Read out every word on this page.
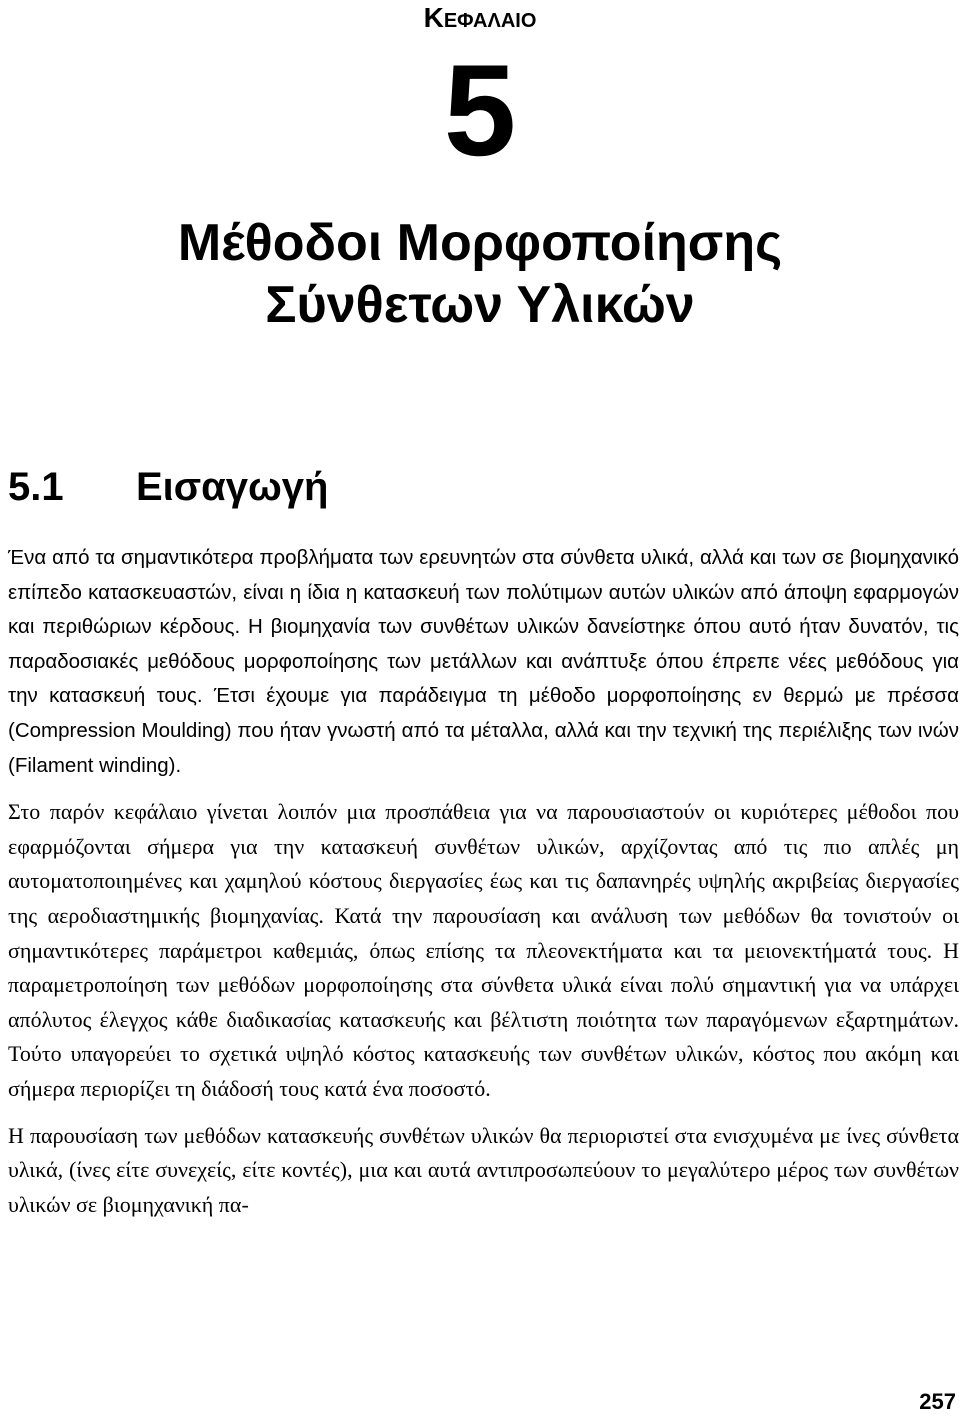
Κεφαλαιο
5
Μέθοδοι Μορφοποίησης
Σύνθετων Υλικών
5.1 Εισαγωγή

Ένα από τα σημαντικότερα προβλήματα των ερευνητών στα σύνθετα υλικά, αλλά και των σε βιομηχανικό επίπεδο κατασκευαστών, είναι η ίδια η κατασκευή των πολύτιμων αυτών υλικών από άποψη εφαρμογών και περιθώριων κέρδους. Η βιομηχανία των συνθέτων υλικών δανείστηκε όπου αυτό ήταν δυνατόν, τις παραδοσιακές μεθόδους μορφοποίησης των μετάλλων και ανάπτυξε όπου έπρεπε νέες μεθόδους για την κατασκευή τους. Έτσι έχουμε για παράδειγμα τη μέθοδο μορφοποίησης εν θερμώ με πρέσσα (Compression Moulding) που ήταν γνωστή από τα μέταλλα, αλλά και την τεχνική της περιέλιξης των ινών (Filament winding).

Στο παρόν κεφάλαιο γίνεται λοιπόν μια προσπάθεια για να παρουσιαστούν οι κυριότερες μέθοδοι που εφαρμόζονται σήμερα για την κατασκευή συνθέτων υλικών, αρχίζοντας από τις πιο απλές μη αυτοματοποιημένες και χαμηλού κόστους διεργασίες έως και τις δαπανηρές υψηλής ακριβείας διεργασίες της αεροδιαστημικής βιομηχανίας. Κατά την παρουσίαση και ανάλυση των μεθόδων θα τονιστούν οι σημαντικότερες παράμετροι καθεμιάς, όπως επίσης τα πλεονεκτήματα και τα μειονεκτήματά τους. Η παραμετροποίηση των μεθόδων μορφοποίησης στα σύνθετα υλικά είναι πολύ σημαντική για να υπάρχει απόλυτος έλεγχος κάθε διαδικασίας κατασκευής και βέλτιστη ποιότητα των παραγόμενων εξαρτημάτων. Τούτο υπαγορεύει το σχετικά υψηλό κόστος κατασκευής των συνθέτων υλικών, κόστος που ακόμη και σήμερα περιορίζει τη διάδοσή τους κατά ένα ποσοστό.

Η παρουσίαση των μεθόδων κατασκευής συνθέτων υλικών θα περιοριστεί στα ενισχυμένα με ίνες σύνθετα υλικά, (ίνες είτε συνεχείς, είτε κοντές), μια και αυτά αντιπροσωπεύουν το μεγαλύτερο μέρος των συνθέτων υλικών σε βιομηχανική πα-

257
